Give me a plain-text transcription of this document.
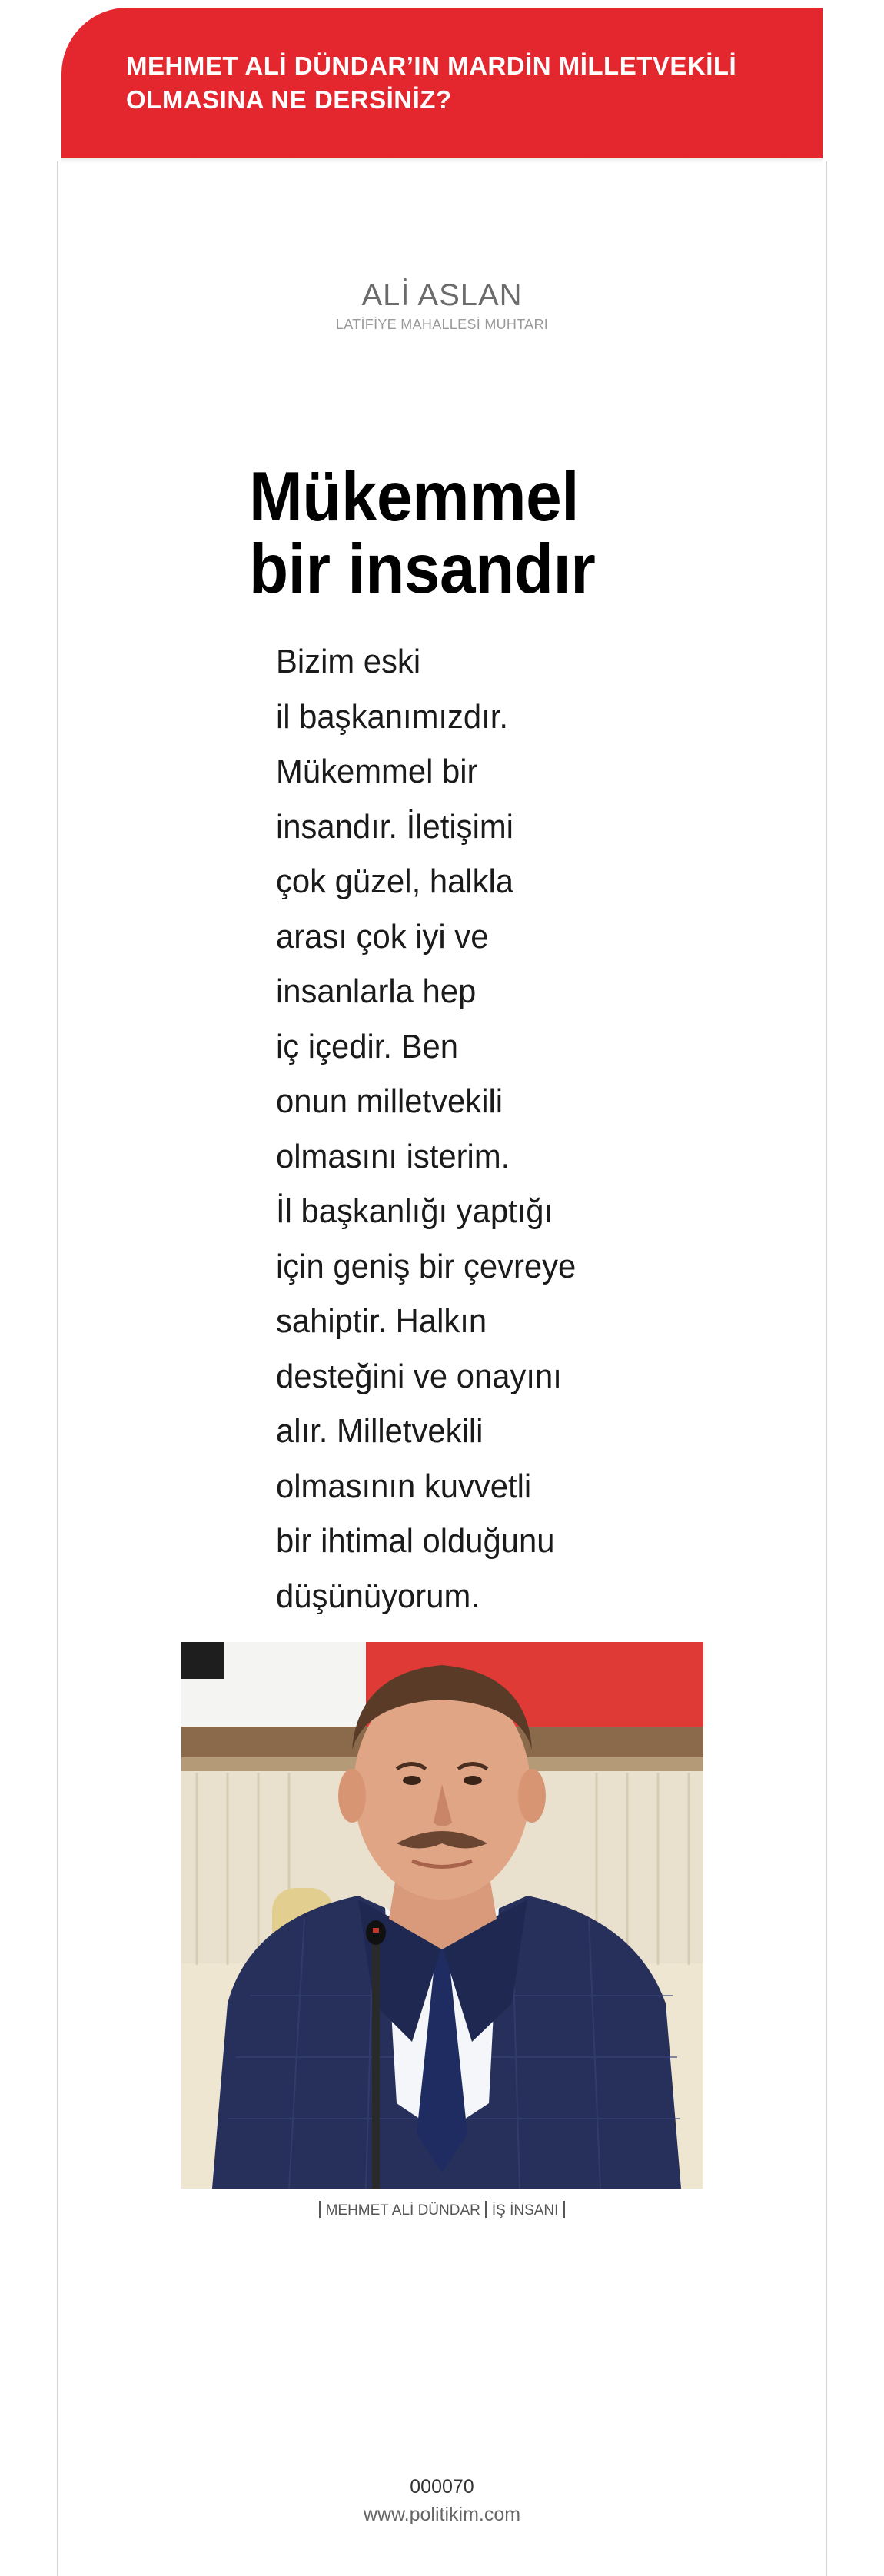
MEHMET ALİ DÜNDAR’IN MARDİN MİLLETVEKİLİ OLMASINA NE DERSİNİZ?
ALİ ASLAN
LATİFİYE MAHALLESİ MUHTARI
Mükemmel
bir insandır
Bizim eski
il başkanımızdır.
Mükemmel bir
insandır. İletişimi
çok güzel, halkla
arası çok iyi ve
insanlarla hep
iç içedir. Ben
onun milletvekili
olmasını isterim.
İl başkanlığı yaptığı
için geniş bir çevreye
sahiptir. Halkın
desteğini ve onayını
alır. Milletvekili
olmasının kuvvetli
bir ihtimal olduğunu
düşünüyorum.
MEHMET ALİ DÜNDAR İŞ İNSANI
000070
www.politikim.com
